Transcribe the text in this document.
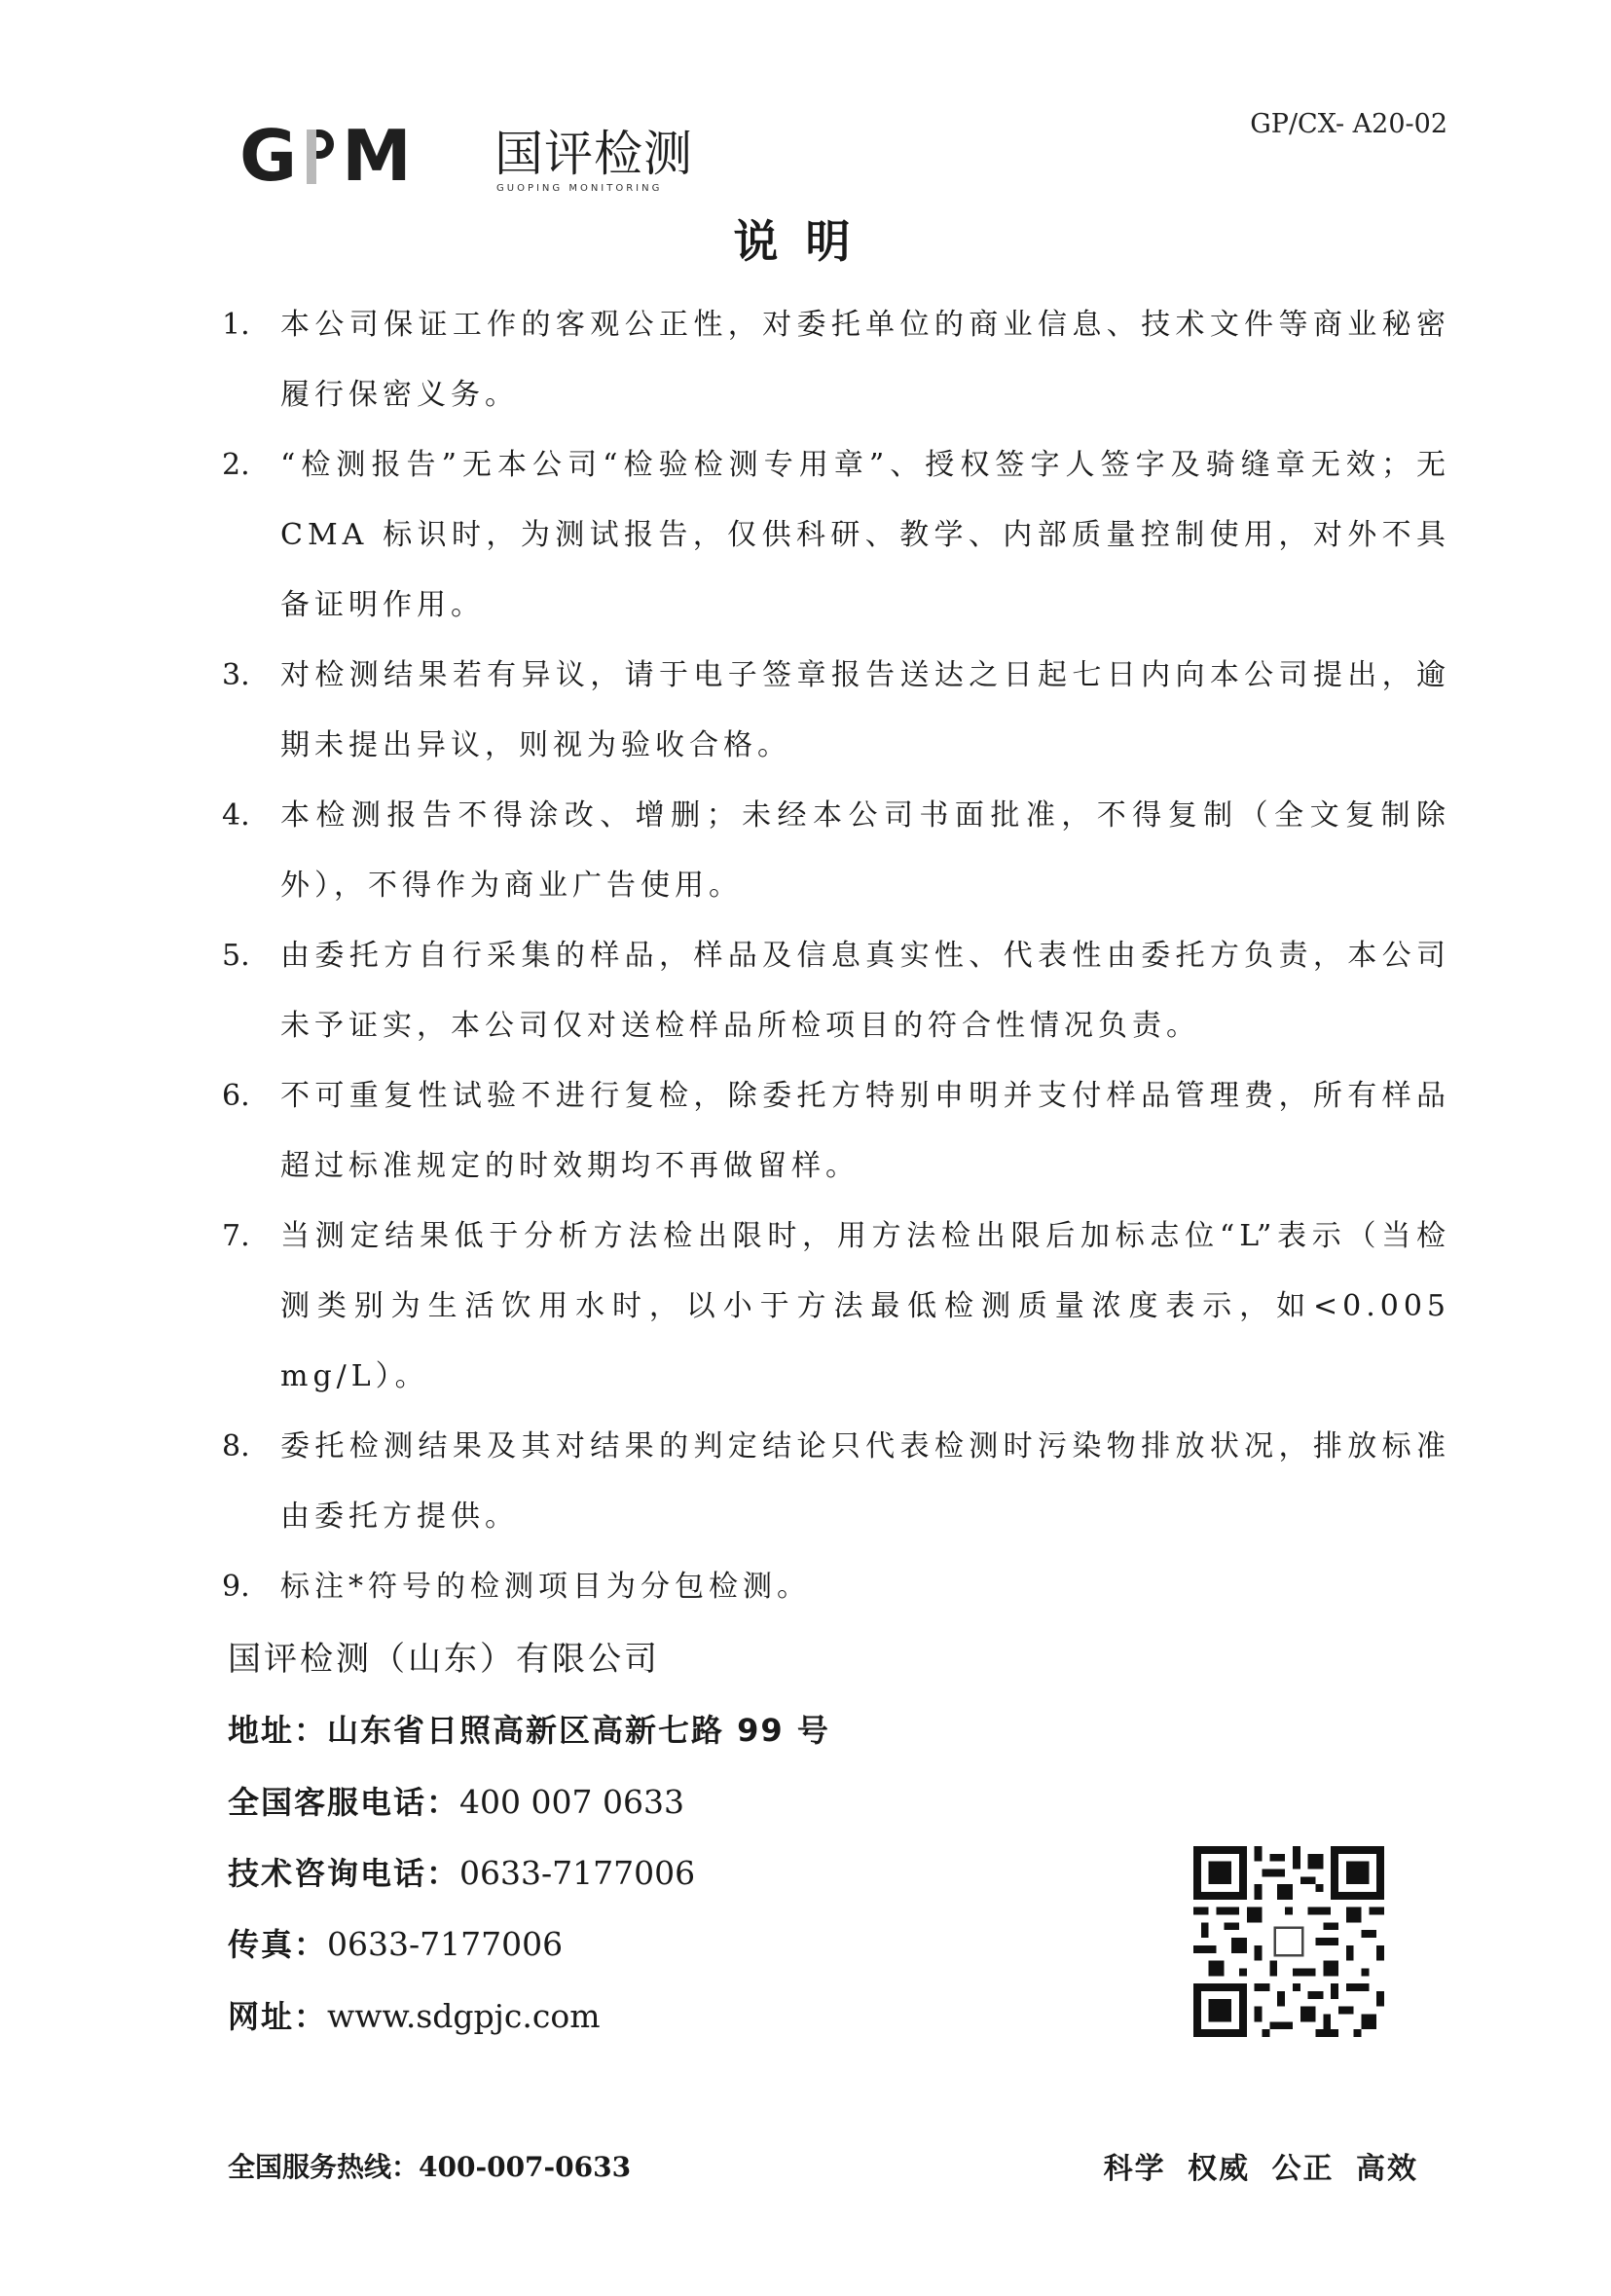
G M 国评检测
GUOPING MONITORING
GP/CX- A20-02
说明
1.	本公司保证工作的客观公正性，对委托单位的商业信息、技术文件等商业秘密履行保密义务。
2.	“检测报告”无本公司“检验检测专用章”、授权签字人签字及骑缝章无效；无 CMA 标识时，为测试报告，仅供科研、教学、内部质量控制使用，对外不具备证明作用。
3.	对检测结果若有异议，请于电子签章报告送达之日起七日内向本公司提出，逾期未提出异议，则视为验收合格。
4.	本检测报告不得涂改、增删；未经本公司书面批准，不得复制（全文复制除外），不得作为商业广告使用。
5.	由委托方自行采集的样品，样品及信息真实性、代表性由委托方负责，本公司未予证实，本公司仅对送检样品所检项目的符合性情况负责。
6.	不可重复性试验不进行复检，除委托方特别申明并支付样品管理费，所有样品超过标准规定的时效期均不再做留样。
7.	当测定结果低于分析方法检出限时，用方法检出限后加标志位“L”表示（当检测类别为生活饮用水时，以小于方法最低检测质量浓度表示，如<0.005 mg/L）。
8.	委托检测结果及其对结果的判定结论只代表检测时污染物排放状况，排放标准由委托方提供。
9.	标注*符号的检测项目为分包检测。
国评检测（山东）有限公司
地址：山东省日照高新区高新七路 99 号
全国客服电话：400 007 0633
技术咨询电话：0633-7177006
传真：0633-7177006
网址：www.sdgpjc.com
全国服务热线：400-007-0633	科学 权威 公正 高效
